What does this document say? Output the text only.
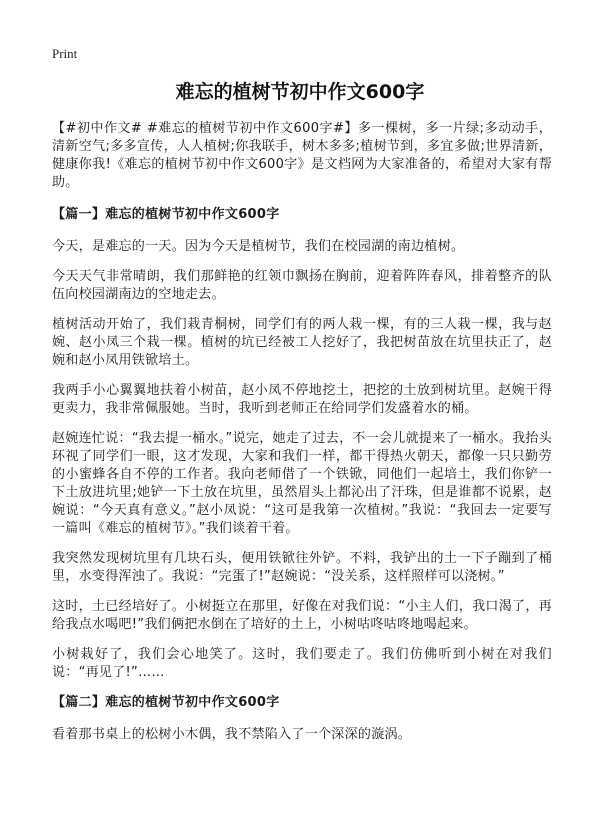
Print
难忘的植树节初中作文600字

【#初中作文# #难忘的植树节初中作文600字#】多一棵树，多一片绿;多动动手，清新空气;多多宣传，人人植树;你我联手，树木多多;植树节到，多宜多做;世界清新，健康你我!《难忘的植树节初中作文600字》是文档网为大家准备的，希望对大家有帮助。

【篇一】难忘的植树节初中作文600字

今天，是难忘的一天。因为今天是植树节，我们在校园湖的南边植树。

今天天气非常晴朗，我们那鲜艳的红领巾飘扬在胸前，迎着阵阵春风，排着整齐的队伍向校园湖南边的空地走去。

植树活动开始了，我们栽青桐树，同学们有的两人栽一棵，有的三人栽一棵，我与赵婉、赵小凤三个栽一棵。植树的坑已经被工人挖好了，我把树苗放在坑里扶正了，赵婉和赵小凤用铁锨培土。

我两手小心翼翼地扶着小树苗，赵小凤不停地挖土，把挖的土放到树坑里。赵婉干得更卖力，我非常佩服她。当时，我听到老师正在给同学们发盛着水的桶。

赵婉连忙说：“我去提一桶水。”说完，她走了过去，不一会儿就提来了一桶水。我抬头环视了同学们一眼，这才发现，大家和我们一样，都干得热火朝天，都像一只只勤劳的小蜜蜂各自不停的工作者。我向老师借了一个铁锨，同他们一起培土，我们你铲一下土放进坑里;她铲一下土放在坑里，虽然眉头上都沁出了汗珠，但是谁都不说累，赵婉说：“今天真有意义。”赵小凤说：“这可是我第一次植树。”我说：“我回去一定要写一篇叫《难忘的植树节》。”我们谈着干着。

我突然发现树坑里有几块石头，便用铁锨往外铲。不料，我铲出的土一下子蹦到了桶里，水变得浑浊了。我说：“完蛋了!”赵婉说：“没关系，这样照样可以浇树。”

这时，土已经培好了。小树挺立在那里，好像在对我们说：“小主人们，我口渴了，再给我点水喝吧!”我们俩把水倒在了培好的土上，小树咕咚咕咚地喝起来。

小树栽好了，我们会心地笑了。这时，我们要走了。我们仿佛听到小树在对我们说：“再见了!”……

【篇二】难忘的植树节初中作文600字

看着那书桌上的松树小木偶，我不禁陷入了一个深深的漩涡。
